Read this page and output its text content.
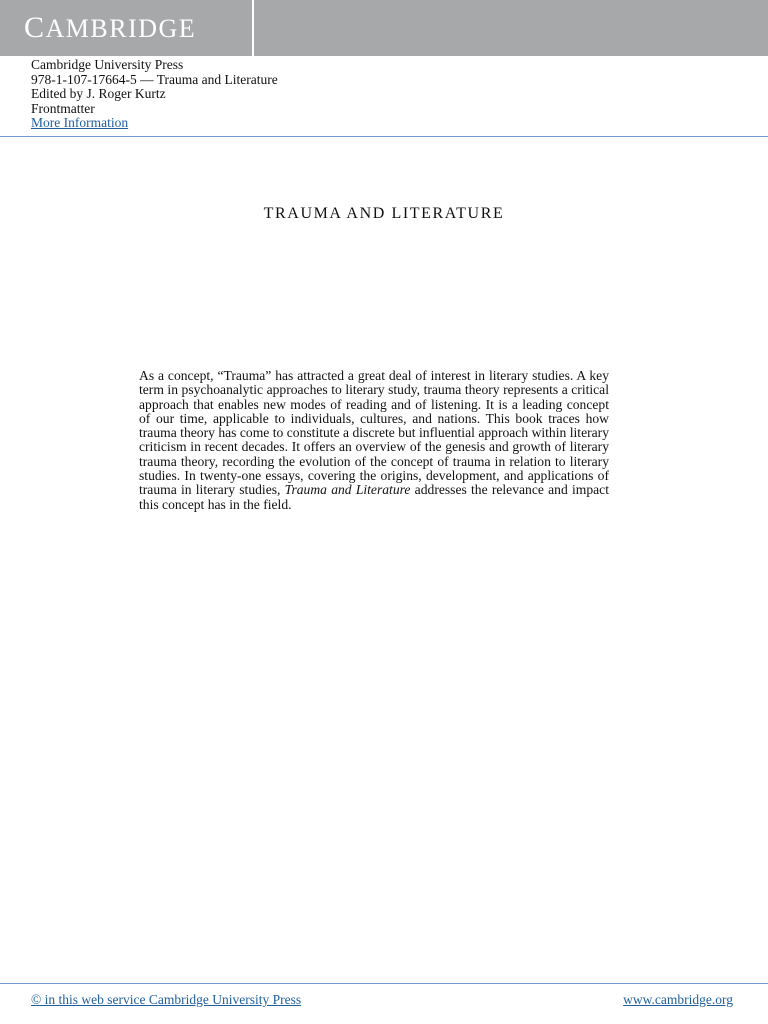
CAMBRIDGE
Cambridge University Press
978-1-107-17664-5 — Trauma and Literature
Edited by J. Roger Kurtz
Frontmatter
More Information
TRAUMA AND LITERATURE
As a concept, “Trauma” has attracted a great deal of interest in literary studies. A key term in psychoanalytic approaches to literary study, trauma theory represents a critical approach that enables new modes of reading and of listening. It is a leading concept of our time, applicable to individuals, cultures, and nations. This book traces how trauma theory has come to constitute a discrete but influential approach within literary criticism in recent decades. It offers an overview of the genesis and growth of literary trauma theory, recording the evolution of the concept of trauma in relation to literary studies. In twenty-one essays, covering the origins, development, and applications of trauma in literary studies, Trauma and Literature addresses the relevance and impact this concept has in the field.
© in this web service Cambridge University Press	www.cambridge.org
